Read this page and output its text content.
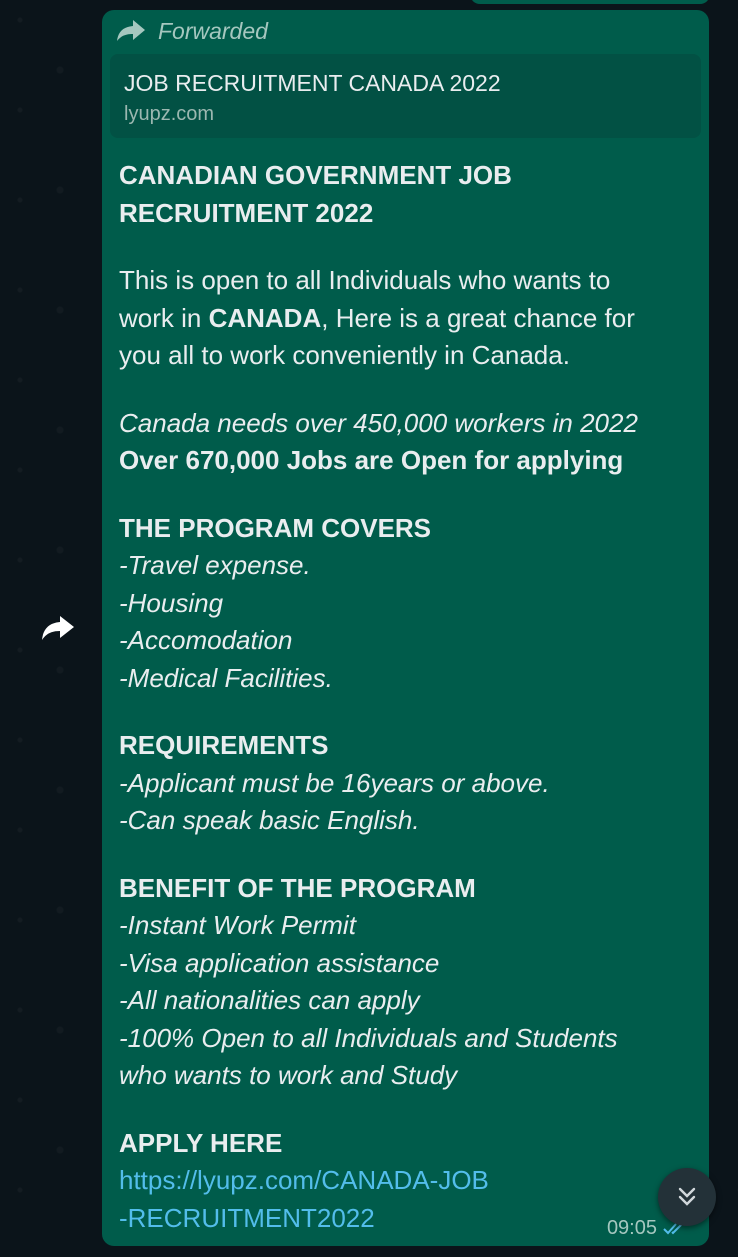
Forwarded
JOB RECRUITMENT CANADA 2022
lyupz.com

CANADIAN GOVERNMENT JOB

RECRUITMENT 2022

This is open to all Individuals who wants to

work in CANADA, Here is a great chance for

you all to work conveniently in Canada.

Canada needs over 450,000 workers in 2022

Over 670,000 Jobs are Open for applying

THE PROGRAM COVERS

-Travel expense.

-Housing

-Accomodation

-Medical Facilities.

REQUIREMENTS

-Applicant must be 16years or above.

-Can speak basic English.

BENEFIT OF THE PROGRAM

-Instant Work Permit

-Visa application assistance

-All nationalities can apply

-100% Open to all Individuals and Students

who wants to work and Study

APPLY HERE

https://lyupz.com/CANADA-JOB
-RECRUITMENT2022	09:05
